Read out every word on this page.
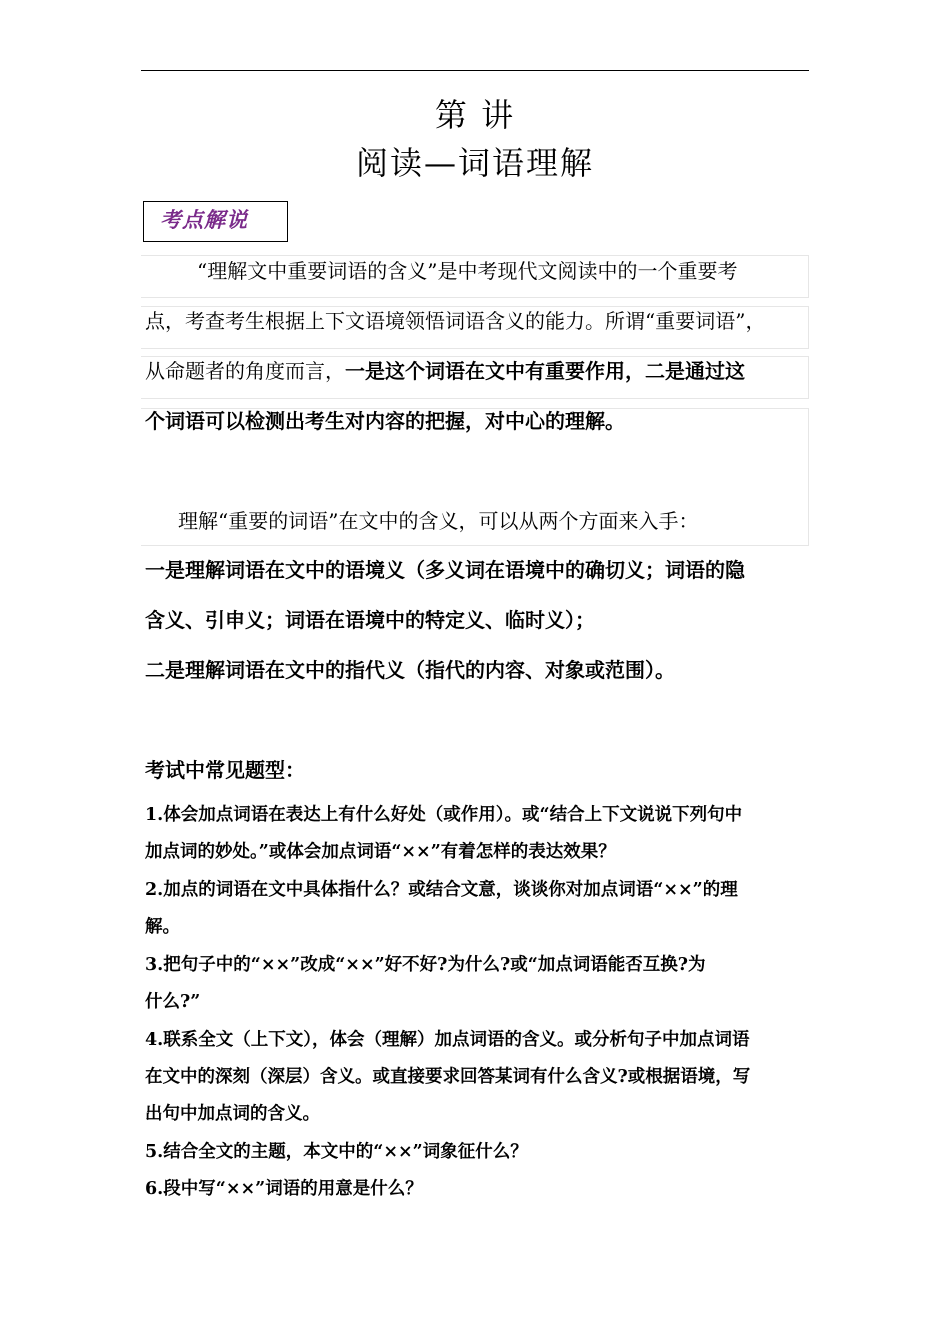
第 讲
阅读—词语理解
考点解说
“理解文中重要词语的含义”是中考现代文阅读中的一个重要考
点，考查考生根据上下文语境领悟词语含义的能力。所谓“重要词语”，
从命题者的角度而言，一是这个词语在文中有重要作用，二是通过这
个词语可以检测出考生对内容的把握，对中心的理解。
理解“重要的词语”在文中的含义，可以从两个方面来入手：
一是理解词语在文中的语境义（多义词在语境中的确切义；词语的隐
含义、引申义；词语在语境中的特定义、临时义）；
二是理解词语在文中的指代义（指代的内容、对象或范围）。
考试中常见题型：
1.体会加点词语在表达上有什么好处（或作用）。或“结合上下文说说下列句中
加点词的妙处。”或体会加点词语“××”有着怎样的表达效果？
2.加点的词语在文中具体指什么？或结合文意，谈谈你对加点词语“××”的理
解。
3.把句子中的“××”改成“××”好不好?为什么?或“加点词语能否互换?为
什么?”
4.联系全文（上下文），体会（理解）加点词语的含义。或分析句子中加点词语
在文中的深刻（深层）含义。或直接要求回答某词有什么含义?或根据语境，写
出句中加点词的含义。
5.结合全文的主题，本文中的“××”词象征什么？
6.段中写“××”词语的用意是什么？
